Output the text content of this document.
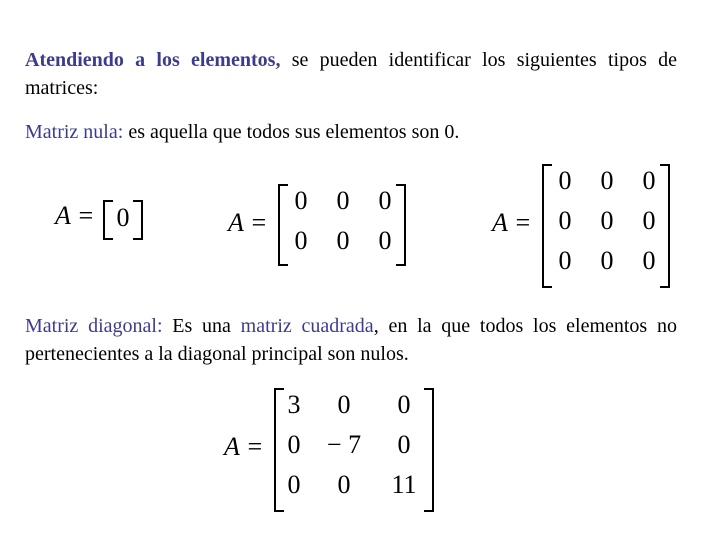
Atendiendo a los elementos, se pueden identificar los siguientes tipos de matrices:
Matriz nula: es aquella que todos sus elementos son 0.
A = 0	A =
0	0	0
0	0	0
A =
0	0	0
0	0	0
0	0	0
Matriz diagonal: Es una matriz cuadrada, en la que todos los elementos no pertenecientes a la diagonal principal son nulos.
A =
3	0	0
0	− 7	0
0	0	11
